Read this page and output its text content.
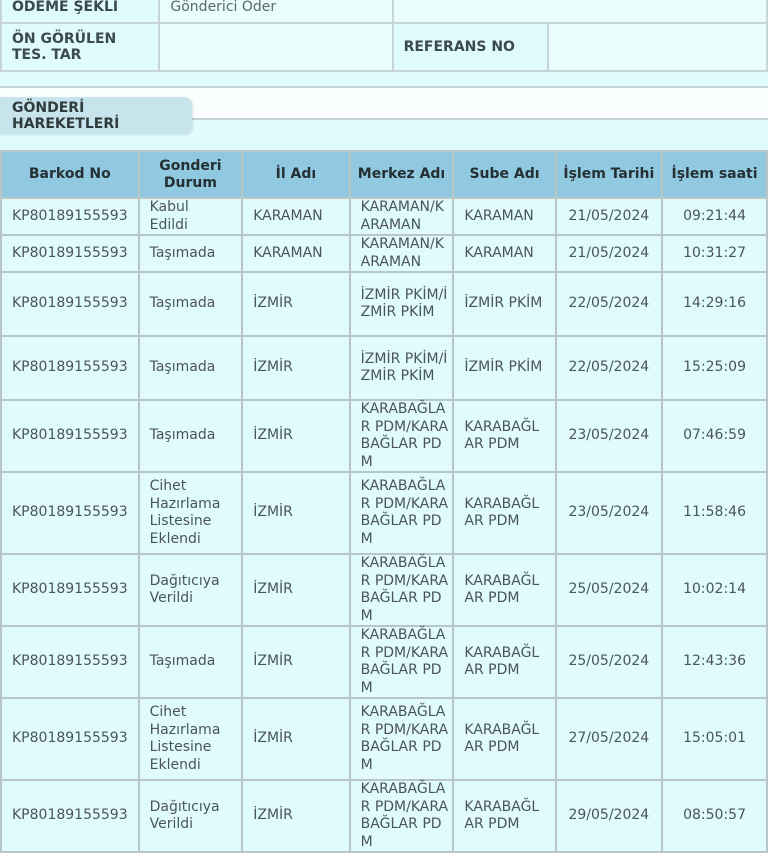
ÖDEME ŞEKLİ	Gönderici Öder		
ÖN GÖRÜLEN TES. TAR		REFERANS NO	
GÖNDERİ HAREKETLERİ
Barkod No	Gonderi Durum	İl Adı	Merkez Adı	Sube Adı	İşlem Tarihi	İşlem saati
KP80189155593	Kabul Edildi	KARAMAN	KARAMAN/KARAMAN	KARAMAN	21/05/2024	09:21:44
KP80189155593	Taşımada	KARAMAN	KARAMAN/KARAMAN	KARAMAN	21/05/2024	10:31:27
KP80189155593	Taşımada	İZMİR	İZMİR PKİM/İZMİR PKİM	İZMİR PKİM	22/05/2024	14:29:16
KP80189155593	Taşımada	İZMİR	İZMİR PKİM/İZMİR PKİM	İZMİR PKİM	22/05/2024	15:25:09
KP80189155593	Taşımada	İZMİR	KARABAĞLAR PDM/KARABAĞLAR PDM	KARABAĞLAR PDM	23/05/2024	07:46:59
KP80189155593	Cihet Hazırlama Listesine Eklendi	İZMİR	KARABAĞLAR PDM/KARABAĞLAR PDM	KARABAĞLAR PDM	23/05/2024	11:58:46
KP80189155593	Dağıtıcıya Verildi	İZMİR	KARABAĞLAR PDM/KARABAĞLAR PDM	KARABAĞLAR PDM	25/05/2024	10:02:14
KP80189155593	Taşımada	İZMİR	KARABAĞLAR PDM/KARABAĞLAR PDM	KARABAĞLAR PDM	25/05/2024	12:43:36
KP80189155593	Cihet Hazırlama Listesine Eklendi	İZMİR	KARABAĞLAR PDM/KARABAĞLAR PDM	KARABAĞLAR PDM	27/05/2024	15:05:01
KP80189155593	Dağıtıcıya Verildi	İZMİR	KARABAĞLAR PDM/KARABAĞLAR PDM	KARABAĞLAR PDM	29/05/2024	08:50:57
